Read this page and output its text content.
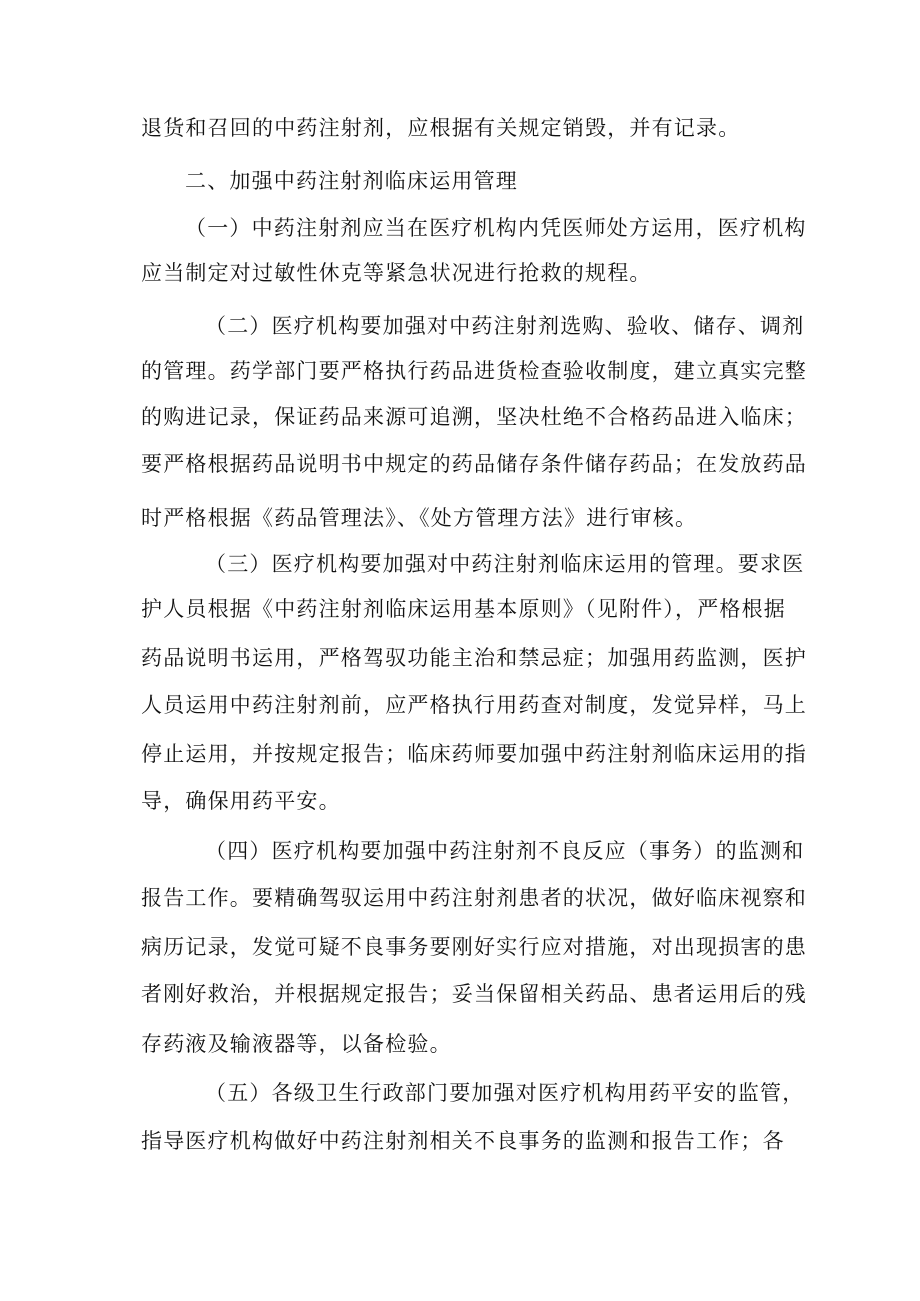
退货和召回的中药注射剂，应根据有关规定销毁，并有记录。

二、加强中药注射剂临床运用管理

（一）中药注射剂应当在医疗机构内凭医师处方运用，医疗机构

应当制定对过敏性休克等紧急状况进行抢救的规程。

（二）医疗机构要加强对中药注射剂选购、验收、储存、调剂

的管理。药学部门要严格执行药品进货检查验收制度，建立真实完整

的购进记录，保证药品来源可追溯，坚决杜绝不合格药品进入临床；

要严格根据药品说明书中规定的药品储存条件储存药品；在发放药品

时严格根据《药品管理法》、《处方管理方法》进行审核。

（三）医疗机构要加强对中药注射剂临床运用的管理。要求医

护人员根据《中药注射剂临床运用基本原则》（见附件），严格根据

药品说明书运用，严格驾驭功能主治和禁忌症；加强用药监测，医护

人员运用中药注射剂前，应严格执行用药查对制度，发觉异样，马上

停止运用，并按规定报告；临床药师要加强中药注射剂临床运用的指

导，确保用药平安。

（四）医疗机构要加强中药注射剂不良反应（事务）的监测和

报告工作。要精确驾驭运用中药注射剂患者的状况，做好临床视察和

病历记录，发觉可疑不良事务要刚好实行应对措施，对出现损害的患

者刚好救治，并根据规定报告；妥当保留相关药品、患者运用后的残

存药液及输液器等，以备检验。

（五）各级卫生行政部门要加强对医疗机构用药平安的监管，

指导医疗机构做好中药注射剂相关不良事务的监测和报告工作；各
